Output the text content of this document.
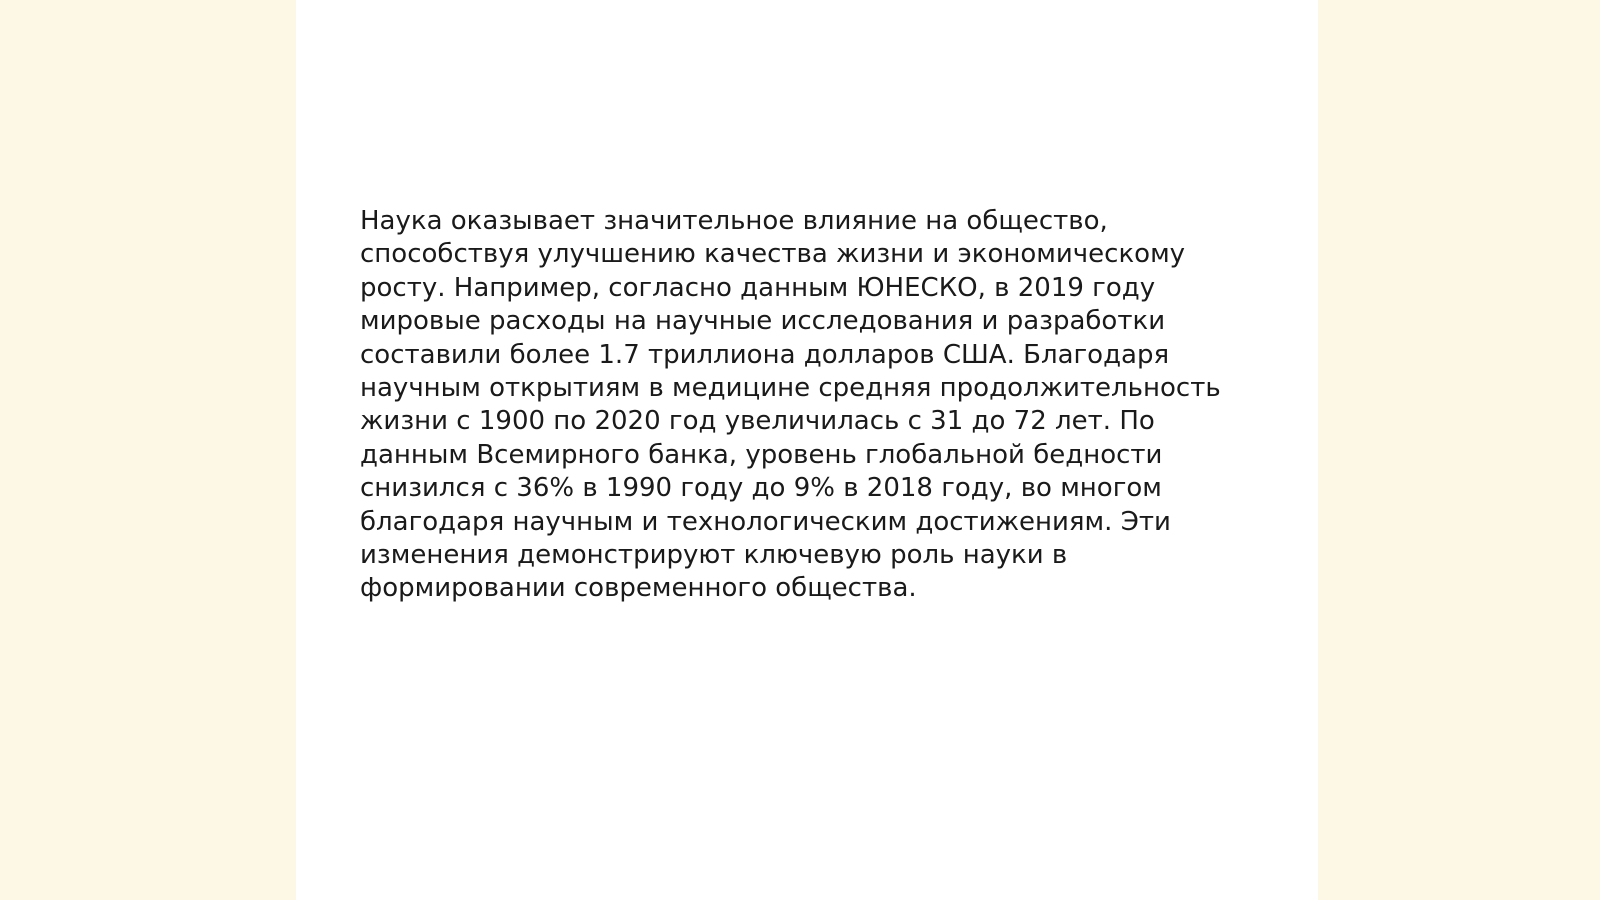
Наука оказывает значительное влияние на общество,
способствуя улучшению качества жизни и экономическому
росту. Например, согласно данным ЮНЕСКО, в 2019 году
мировые расходы на научные исследования и разработки
составили более 1.7 триллиона долларов США. Благодаря
научным открытиям в медицине средняя продолжительность
жизни с 1900 по 2020 год увеличилась с 31 до 72 лет. По
данным Всемирного банка, уровень глобальной бедности
снизился с 36% в 1990 году до 9% в 2018 году, во многом
благодаря научным и технологическим достижениям. Эти
изменения демонстрируют ключевую роль науки в
формировании современного общества.
